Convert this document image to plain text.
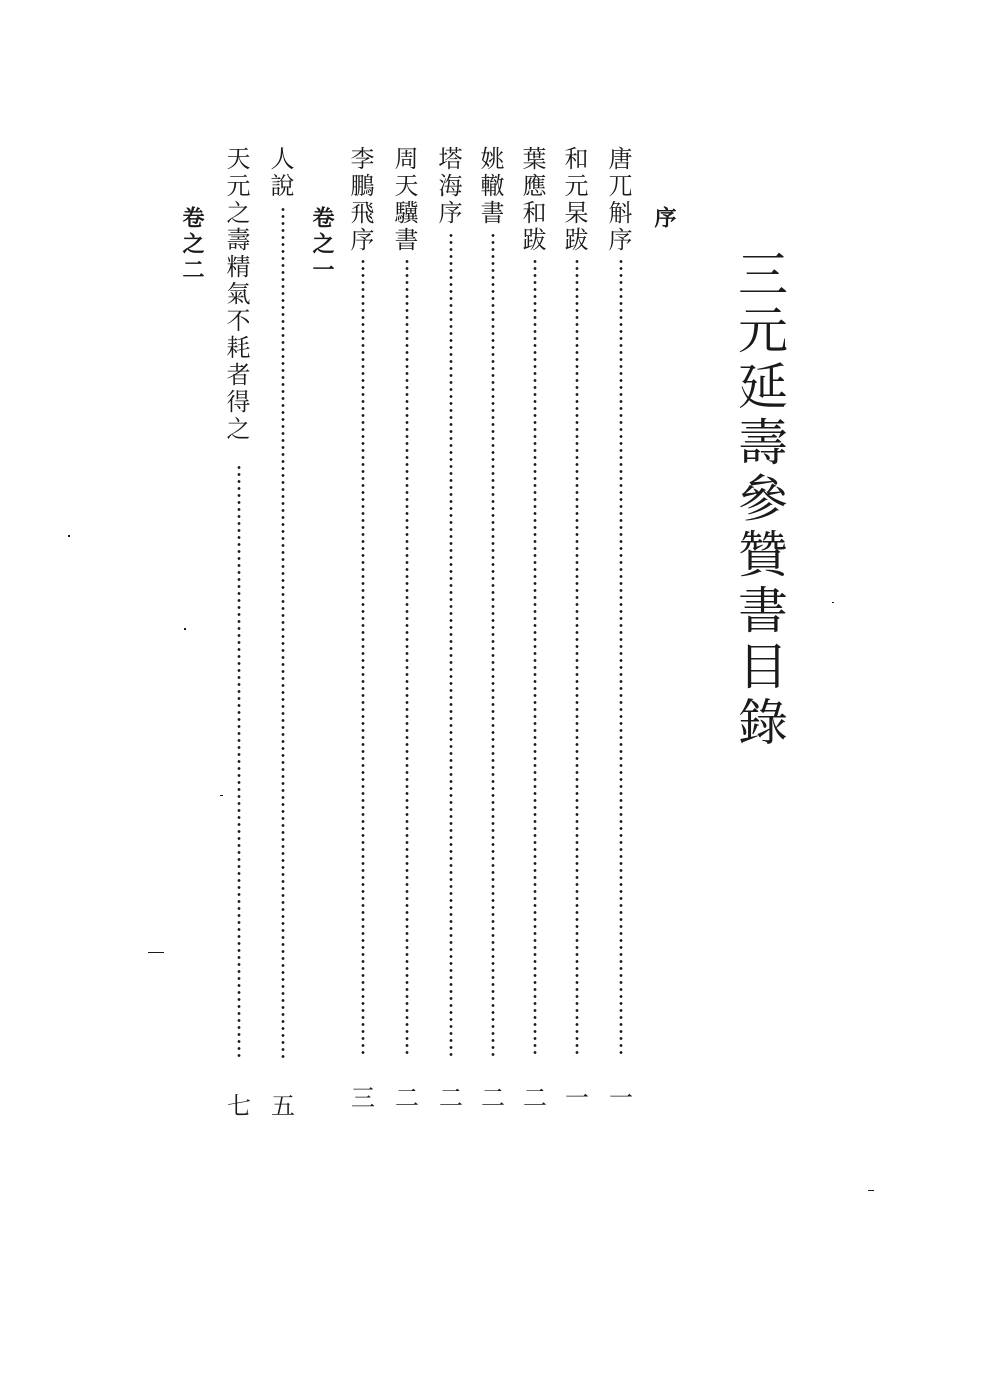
三元延壽參贊書目錄
序
唐兀斛序
一
和元杲跋
一
葉應和跋
二
姚轍書
二
塔海序
二
周天驥書
二
李鵬飛序
三
卷之一
人說
五
天元之壽精氣不耗者得之
七
卷之二
